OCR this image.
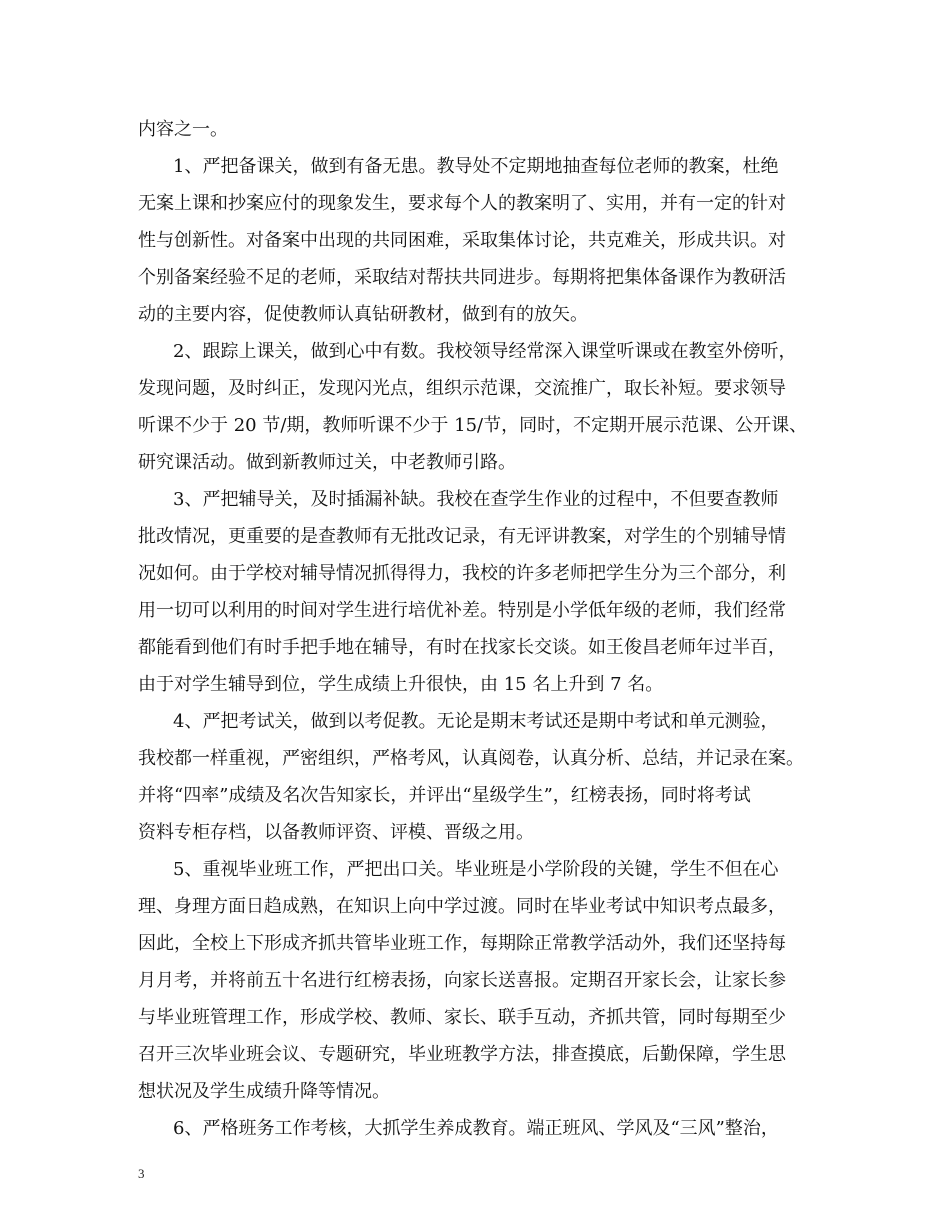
内容之一。
1、严把备课关，做到有备无患。教导处不定期地抽查每位老师的教案，杜绝
无案上课和抄案应付的现象发生，要求每个人的教案明了、实用，并有一定的针对
性与创新性。对备案中出现的共同困难，采取集体讨论，共克难关，形成共识。对
个别备案经验不足的老师，采取结对帮扶共同进步。每期将把集体备课作为教研活
动的主要内容，促使教师认真钻研教材，做到有的放矢。
2、跟踪上课关，做到心中有数。我校领导经常深入课堂听课或在教室外傍听，
发现问题，及时纠正，发现闪光点，组织示范课，交流推广，取长补短。要求领导
听课不少于 20 节/期，教师听课不少于 15/节，同时，不定期开展示范课、公开课、
研究课活动。做到新教师过关，中老教师引路。
3、严把辅导关，及时插漏补缺。我校在查学生作业的过程中，不但要查教师
批改情况，更重要的是查教师有无批改记录，有无评讲教案，对学生的个别辅导情
况如何。由于学校对辅导情况抓得得力，我校的许多老师把学生分为三个部分，利
用一切可以利用的时间对学生进行培优补差。特别是小学低年级的老师，我们经常
都能看到他们有时手把手地在辅导，有时在找家长交谈。如王俊昌老师年过半百，
由于对学生辅导到位，学生成绩上升很快，由 15 名上升到 7 名。
4、严把考试关，做到以考促教。无论是期末考试还是期中考试和单元测验，
我校都一样重视，严密组织，严格考风，认真阅卷，认真分析、总结，并记录在案。
并将“四率”成绩及名次告知家长，并评出“星级学生”，红榜表扬，同时将考试
资料专柜存档，以备教师评资、评模、晋级之用。
5、重视毕业班工作，严把出口关。毕业班是小学阶段的关键，学生不但在心
理、身理方面日趋成熟，在知识上向中学过渡。同时在毕业考试中知识考点最多，
因此，全校上下形成齐抓共管毕业班工作，每期除正常教学活动外，我们还坚持每
月月考，并将前五十名进行红榜表扬，向家长送喜报。定期召开家长会，让家长参
与毕业班管理工作，形成学校、教师、家长、联手互动，齐抓共管，同时每期至少
召开三次毕业班会议、专题研究，毕业班教学方法，排查摸底，后勤保障，学生思
想状况及学生成绩升降等情况。
6、严格班务工作考核，大抓学生养成教育。端正班风、学风及“三风”整治，
3
